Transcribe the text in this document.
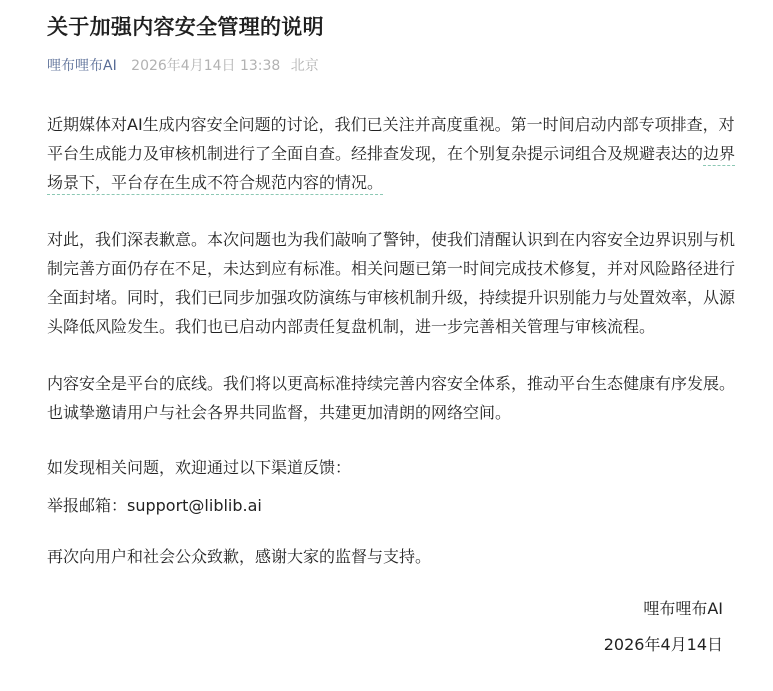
关于加强内容安全管理的说明
哩布哩布AI 2026年4月14日 13:38 北京

近期媒体对AI生成内容安全问题的讨论，我们已关注并高度重视。第一时间启动内部专项排查，对平台生成能力及审核机制进行了全面自查。经排查发现，在个别复杂提示词组合及规避表达的边界场景下，平台存在生成不符合规范内容的情况。

对此，我们深表歉意。本次问题也为我们敲响了警钟，使我们清醒认识到在内容安全边界识别与机制完善方面仍存在不足，未达到应有标准。相关问题已第一时间完成技术修复，并对风险路径进行全面封堵。同时，我们已同步加强攻防演练与审核机制升级，持续提升识别能力与处置效率，从源头降低风险发生。我们也已启动内部责任复盘机制，进一步完善相关管理与审核流程。

内容安全是平台的底线。我们将以更高标准持续完善内容安全体系，推动平台生态健康有序发展。也诚挚邀请用户与社会各界共同监督，共建更加清朗的网络空间。

如发现相关问题，欢迎通过以下渠道反馈：

举报邮箱：support@liblib.ai

再次向用户和社会公众致歉，感谢大家的监督与支持。

哩布哩布AI
2026年4月14日
